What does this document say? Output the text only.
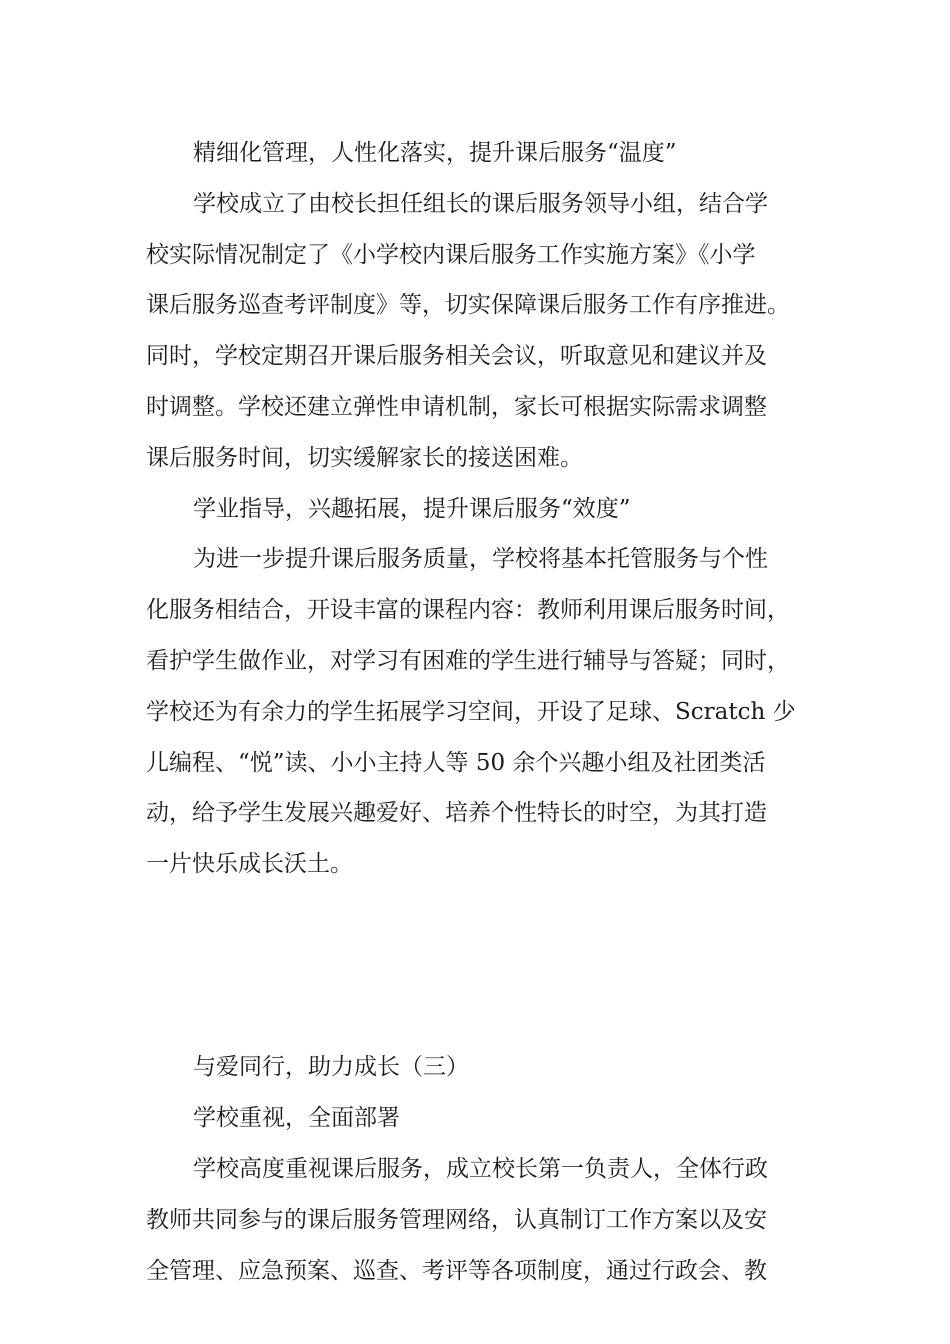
精细化管理，人性化落实，提升课后服务“温度”
学校成立了由校长担任组长的课后服务领导小组，结合学
校实际情况制定了《小学校内课后服务工作实施方案》《小学
课后服务巡查考评制度》等，切实保障课后服务工作有序推进。
同时，学校定期召开课后服务相关会议，听取意见和建议并及
时调整。学校还建立弹性申请机制，家长可根据实际需求调整
课后服务时间，切实缓解家长的接送困难。
学业指导，兴趣拓展，提升课后服务“效度”
为进一步提升课后服务质量，学校将基本托管服务与个性
化服务相结合，开设丰富的课程内容：教师利用课后服务时间，
看护学生做作业，对学习有困难的学生进行辅导与答疑；同时，
学校还为有余力的学生拓展学习空间，开设了足球、Scratch 少
儿编程、“悦”读、小小主持人等 50 余个兴趣小组及社团类活
动，给予学生发展兴趣爱好、培养个性特长的时空，为其打造
一片快乐成长沃土。
与爱同行，助力成长（三）
学校重视，全面部署
学校高度重视课后服务，成立校长第一负责人，全体行政
教师共同参与的课后服务管理网络，认真制订工作方案以及安
全管理、应急预案、巡查、考评等各项制度，通过行政会、教
